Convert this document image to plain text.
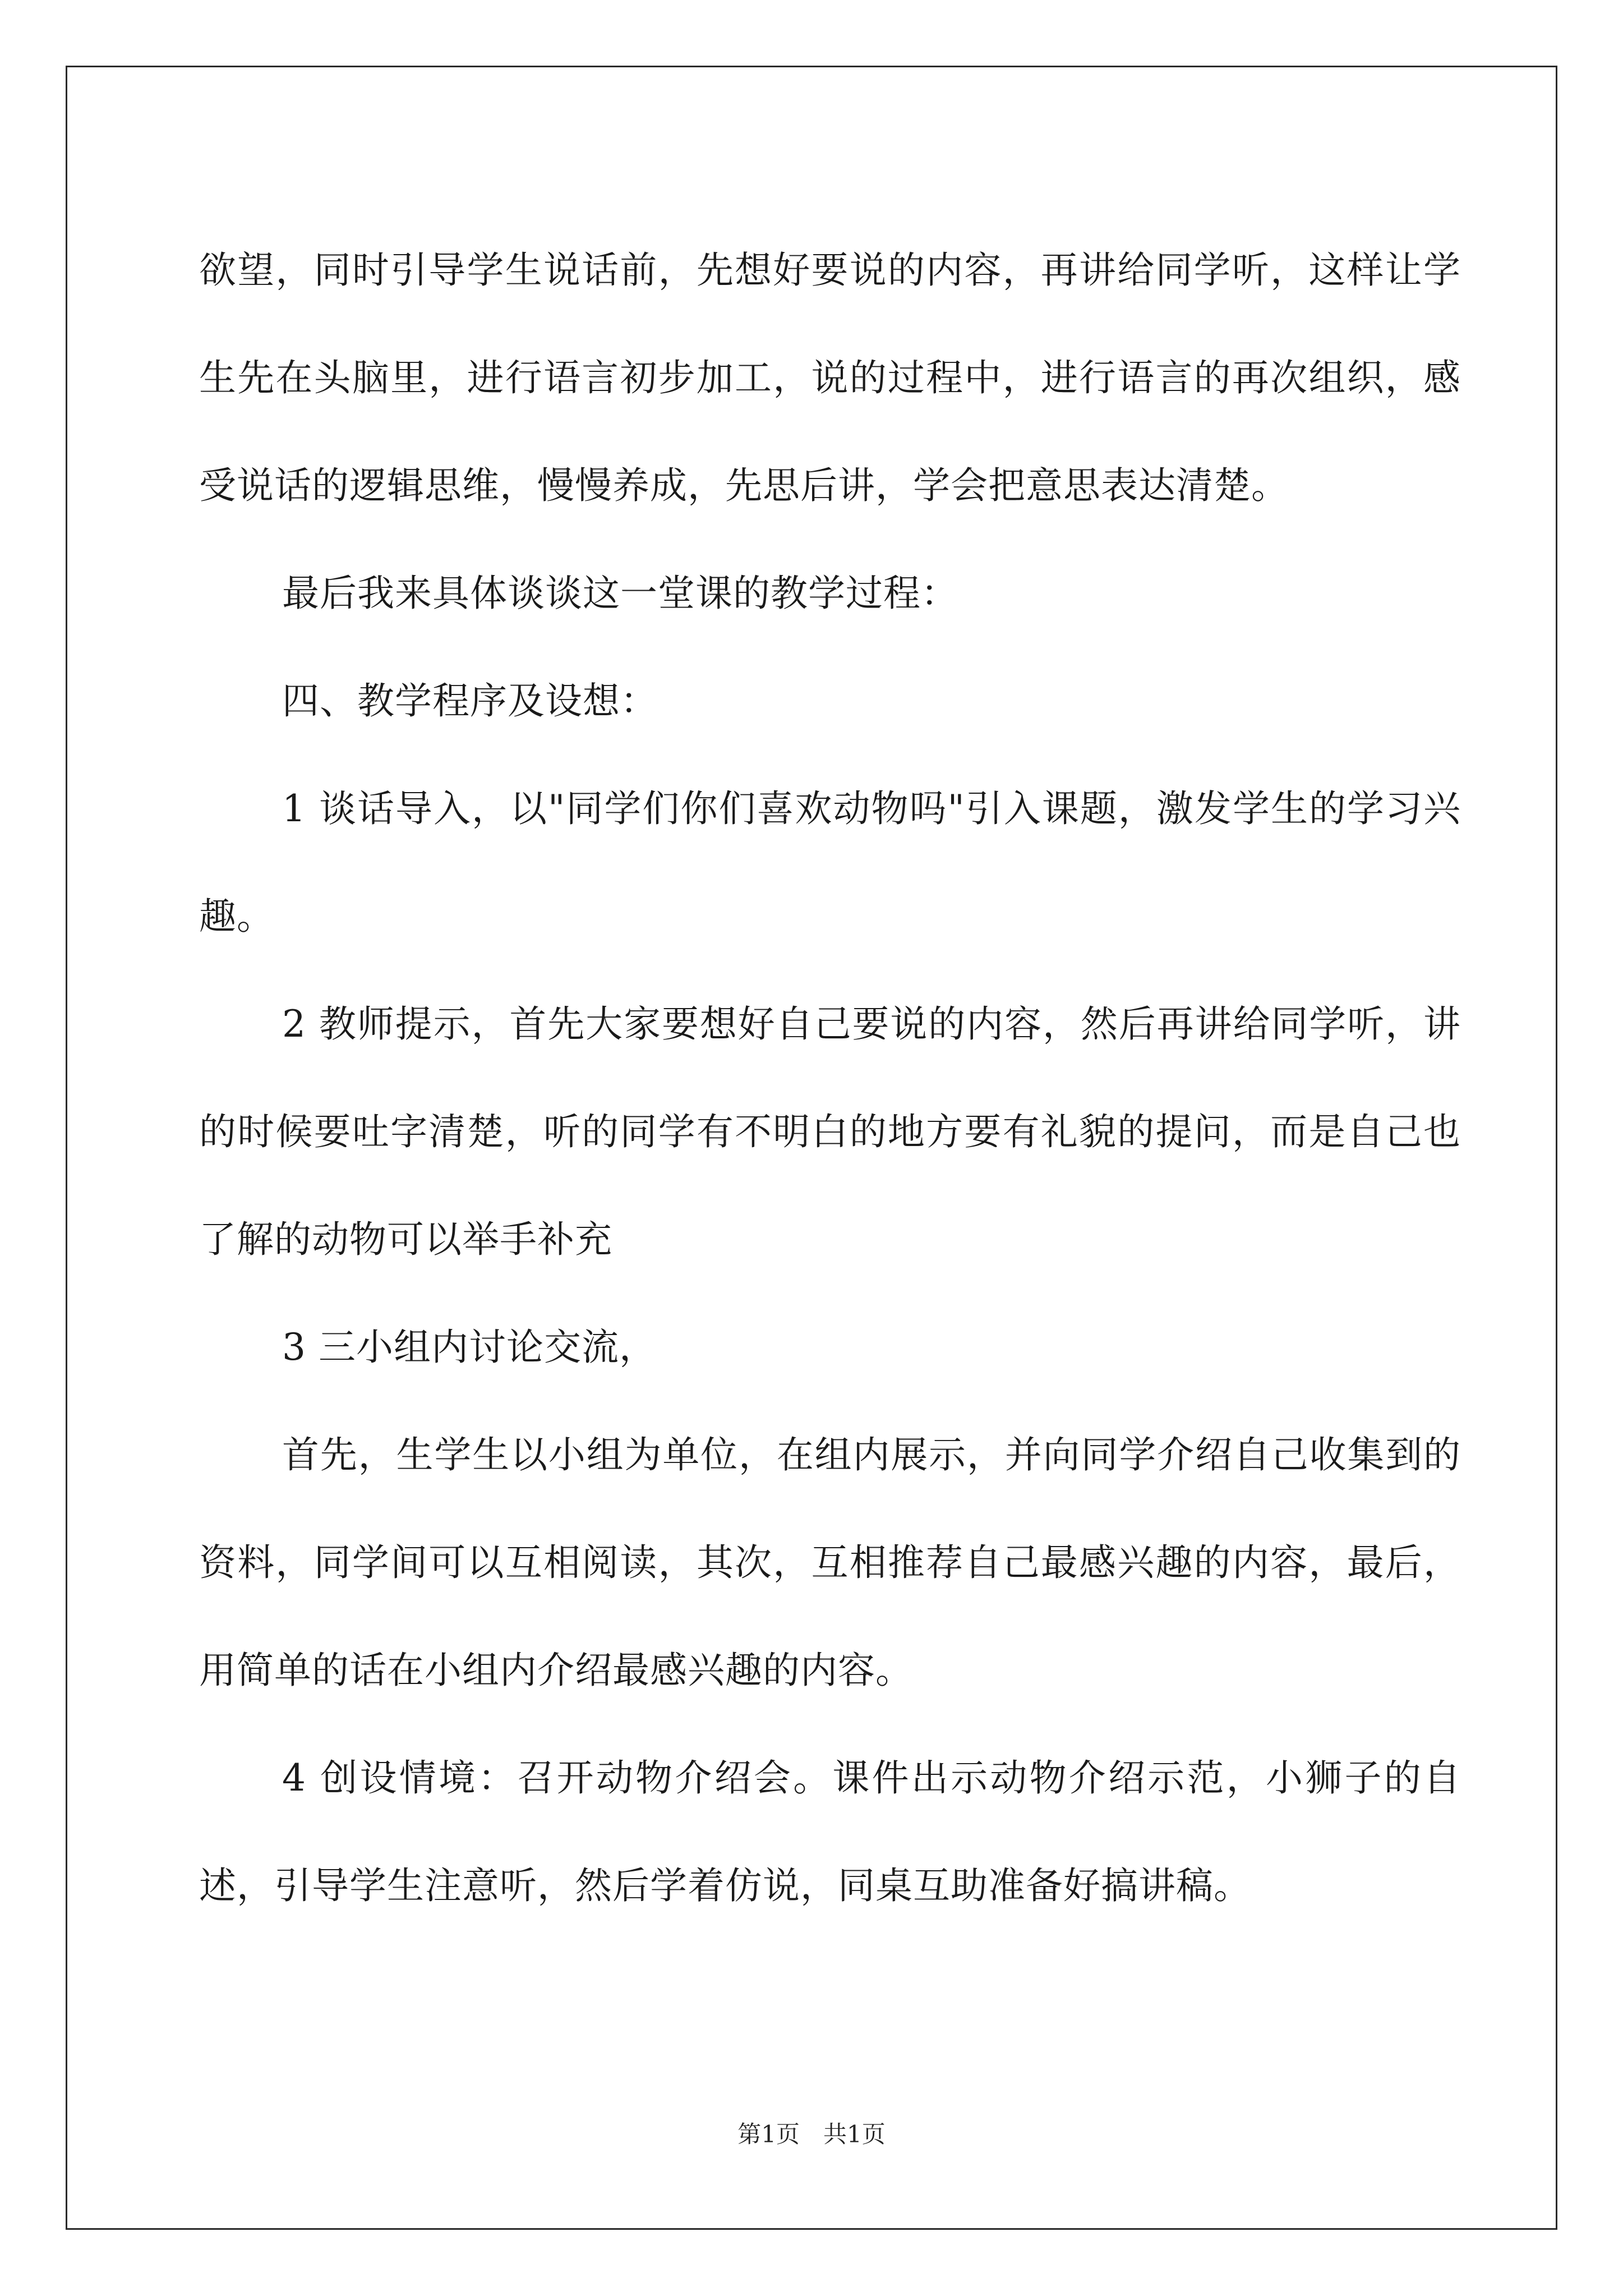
欲望，同时引导学生说话前，先想好要说的内容，再讲给同学听，这样让学生先在头脑里，进行语言初步加工，说的过程中，进行语言的再次组织，感受说话的逻辑思维，慢慢养成，先思后讲，学会把意思表达清楚。

最后我来具体谈谈这一堂课的教学过程：

四、教学程序及设想：

1 谈话导入，以"同学们你们喜欢动物吗"引入课题，激发学生的学习兴趣。

2 教师提示，首先大家要想好自己要说的内容，然后再讲给同学听，讲的时候要吐字清楚，听的同学有不明白的地方要有礼貌的提问，而是自己也了解的动物可以举手补充

3 三小组内讨论交流，

首先，生学生以小组为单位，在组内展示，并向同学介绍自己收集到的资料，同学间可以互相阅读，其次，互相推荐自己最感兴趣的内容，最后，用简单的话在小组内介绍最感兴趣的内容。

4 创设情境：召开动物介绍会。课件出示动物介绍示范，小狮子的自述，引导学生注意听，然后学着仿说，同桌互助准备好搞讲稿。

第1页　共1页
